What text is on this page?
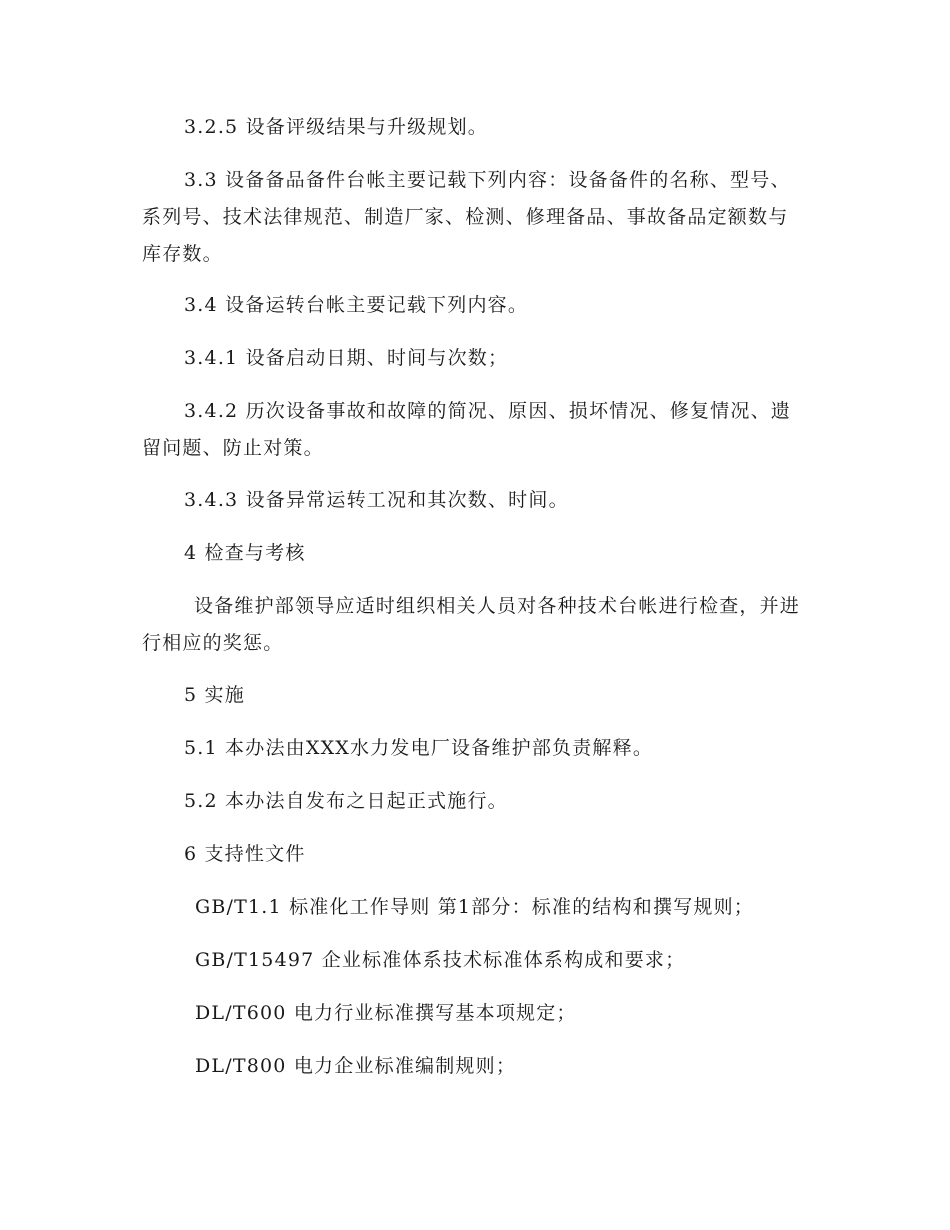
3.2.5 设备评级结果与升级规划。
3.3 设备备品备件台帐主要记载下列内容：设备备件的名称、型号、系列号、技术法律规范、制造厂家、检测、修理备品、事故备品定额数与库存数。
3.4 设备运转台帐主要记载下列内容。
3.4.1 设备启动日期、时间与次数；
3.4.2 历次设备事故和故障的简况、原因、损坏情况、修复情况、遗留问题、防止对策。
3.4.3 设备异常运转工况和其次数、时间。
4 检查与考核
设备维护部领导应适时组织相关人员对各种技术台帐进行检查，并进行相应的奖惩。
5 实施
5.1 本办法由XXX水力发电厂设备维护部负责解释。
5.2 本办法自发布之日起正式施行。
6 支持性文件
GB/T1.1 标准化工作导则 第1部分：标准的结构和撰写规则；
GB/T15497 企业标准体系技术标准体系构成和要求；
DL/T600 电力行业标准撰写基本项规定；
DL/T800 电力企业标准编制规则；
